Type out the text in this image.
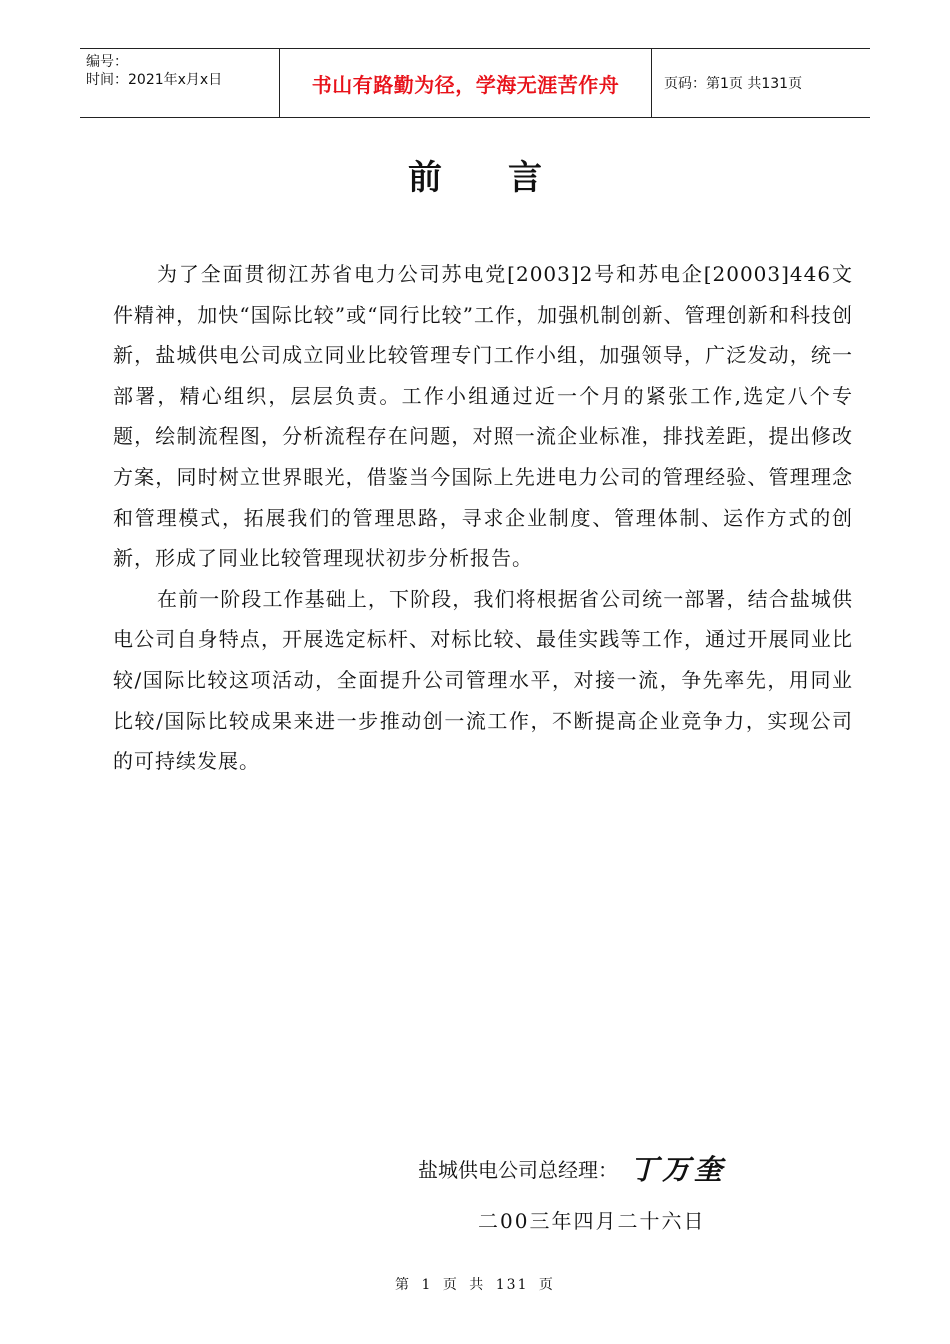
编号：
时间：2021年x月x日	书山有路勤为径，学海无涯苦作舟	页码：第1页 共131页
前言

为了全面贯彻江苏省电力公司苏电党[2003]2号和苏电企[20003]446文件精神，加快“国际比较”或“同行比较”工作，加强机制创新、管理创新和科技创新，盐城供电公司成立同业比较管理专门工作小组，加强领导，广泛发动，统一部署，精心组织，层层负责。工作小组通过近一个月的紧张工作,选定八个专题，绘制流程图，分析流程存在问题，对照一流企业标准，排找差距，提出修改方案，同时树立世界眼光，借鉴当今国际上先进电力公司的管理经验、管理理念和管理模式，拓展我们的管理思路，寻求企业制度、管理体制、运作方式的创新，形成了同业比较管理现状初步分析报告。

在前一阶段工作基础上，下阶段，我们将根据省公司统一部署，结合盐城供电公司自身特点，开展选定标杆、对标比较、最佳实践等工作，通过开展同业比较/国际比较这项活动，全面提升公司管理水平，对接一流，争先率先，用同业比较/国际比较成果来进一步推动创一流工作，不断提高企业竞争力，实现公司的可持续发展。

盐城供电公司总经理： 丁万奎
二00三年四月二十六日
第 1 页 共 131 页
